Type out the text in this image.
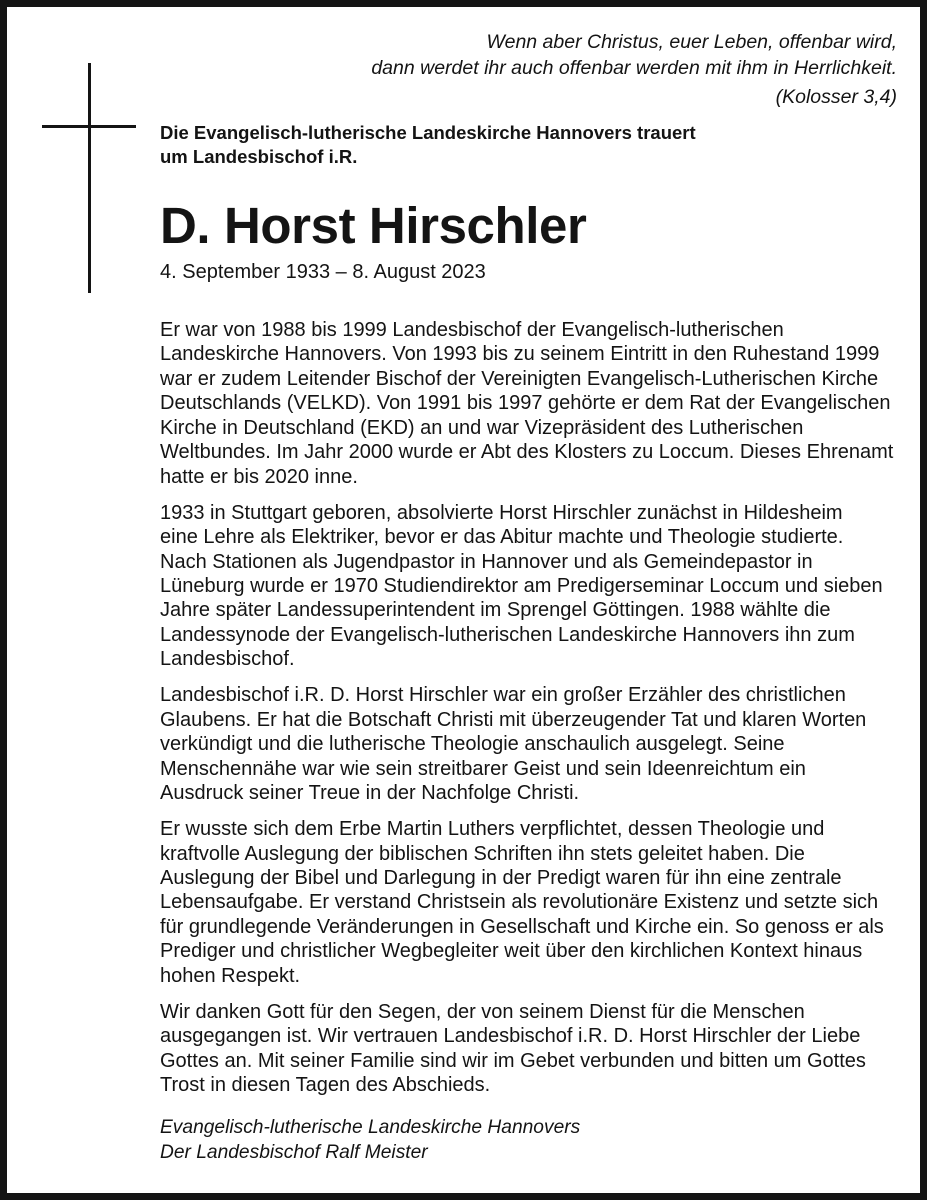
Wenn aber Christus, euer Leben, offenbar wird,
dann werdet ihr auch offenbar werden mit ihm in Herrlichkeit.
(Kolosser 3,4)
Die Evangelisch-lutherische Landeskirche Hannovers trauert
um Landesbischof i.R.
D. Horst Hirschler
4. September 1933 – 8. August 2023

Er war von 1988 bis 1999 Landesbischof der Evangelisch-lutherischen
Landeskirche Hannovers. Von 1993 bis zu seinem Eintritt in den Ruhestand 1999
war er zudem Leitender Bischof der Vereinigten Evangelisch-Lutherischen Kirche
Deutschlands (VELKD). Von 1991 bis 1997 gehörte er dem Rat der Evangelischen
Kirche in Deutschland (EKD) an und war Vizepräsident des Lutherischen
Weltbundes. Im Jahr 2000 wurde er Abt des Klosters zu Loccum. Dieses Ehrenamt
hatte er bis 2020 inne.

1933 in Stuttgart geboren, absolvierte Horst Hirschler zunächst in Hildesheim
eine Lehre als Elektriker, bevor er das Abitur machte und Theologie studierte.
Nach Stationen als Jugendpastor in Hannover und als Gemeindepastor in
Lüneburg wurde er 1970 Studiendirektor am Predigerseminar Loccum und sieben
Jahre später Landessuperintendent im Sprengel Göttingen. 1988 wählte die
Landessynode der Evangelisch-lutherischen Landeskirche Hannovers ihn zum
Landesbischof.

Landesbischof i.R. D. Horst Hirschler war ein großer Erzähler des christlichen
Glaubens. Er hat die Botschaft Christi mit überzeugender Tat und klaren Worten
verkündigt und die lutherische Theologie anschaulich ausgelegt. Seine
Menschennähe war wie sein streitbarer Geist und sein Ideenreichtum ein
Ausdruck seiner Treue in der Nachfolge Christi.

Er wusste sich dem Erbe Martin Luthers verpflichtet, dessen Theologie und
kraftvolle Auslegung der biblischen Schriften ihn stets geleitet haben. Die
Auslegung der Bibel und Darlegung in der Predigt waren für ihn eine zentrale
Lebensaufgabe. Er verstand Christsein als revolutionäre Existenz und setzte sich
für grundlegende Veränderungen in Gesellschaft und Kirche ein. So genoss er als
Prediger und christlicher Wegbegleiter weit über den kirchlichen Kontext hinaus
hohen Respekt.

Wir danken Gott für den Segen, der von seinem Dienst für die Menschen
ausgegangen ist. Wir vertrauen Landesbischof i.R. D. Horst Hirschler der Liebe
Gottes an. Mit seiner Familie sind wir im Gebet verbunden und bitten um Gottes
Trost in diesen Tagen des Abschieds.

Evangelisch-lutherische Landeskirche Hannovers
Der Landesbischof Ralf Meister
